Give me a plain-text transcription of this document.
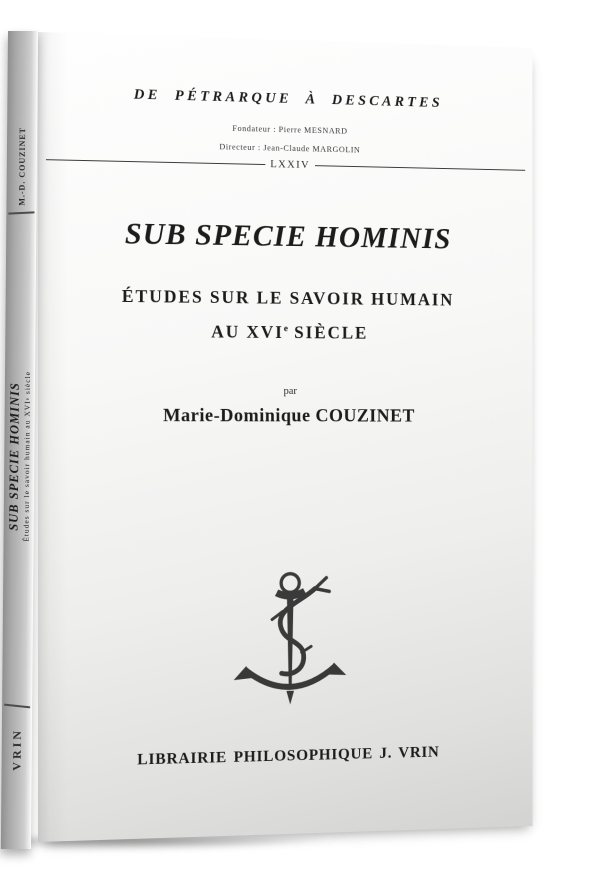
M.-D. COUZINET
SUB SPECIE HOMINIS Études sur le savoir humain au XVIe siècle
VRIN
DE PÉTRARQUE À DESCARTES
Fondateur : Pierre MESNARD
Directeur : Jean-Claude MARGOLIN
LXXIV
SUB SPECIE HOMINIS
ÉTUDES SUR LE SAVOIR HUMAIN
AU XVIe SIÈCLE
par
Marie-Dominique COUZINET
LIBRAIRIE PHILOSOPHIQUE J. VRIN
